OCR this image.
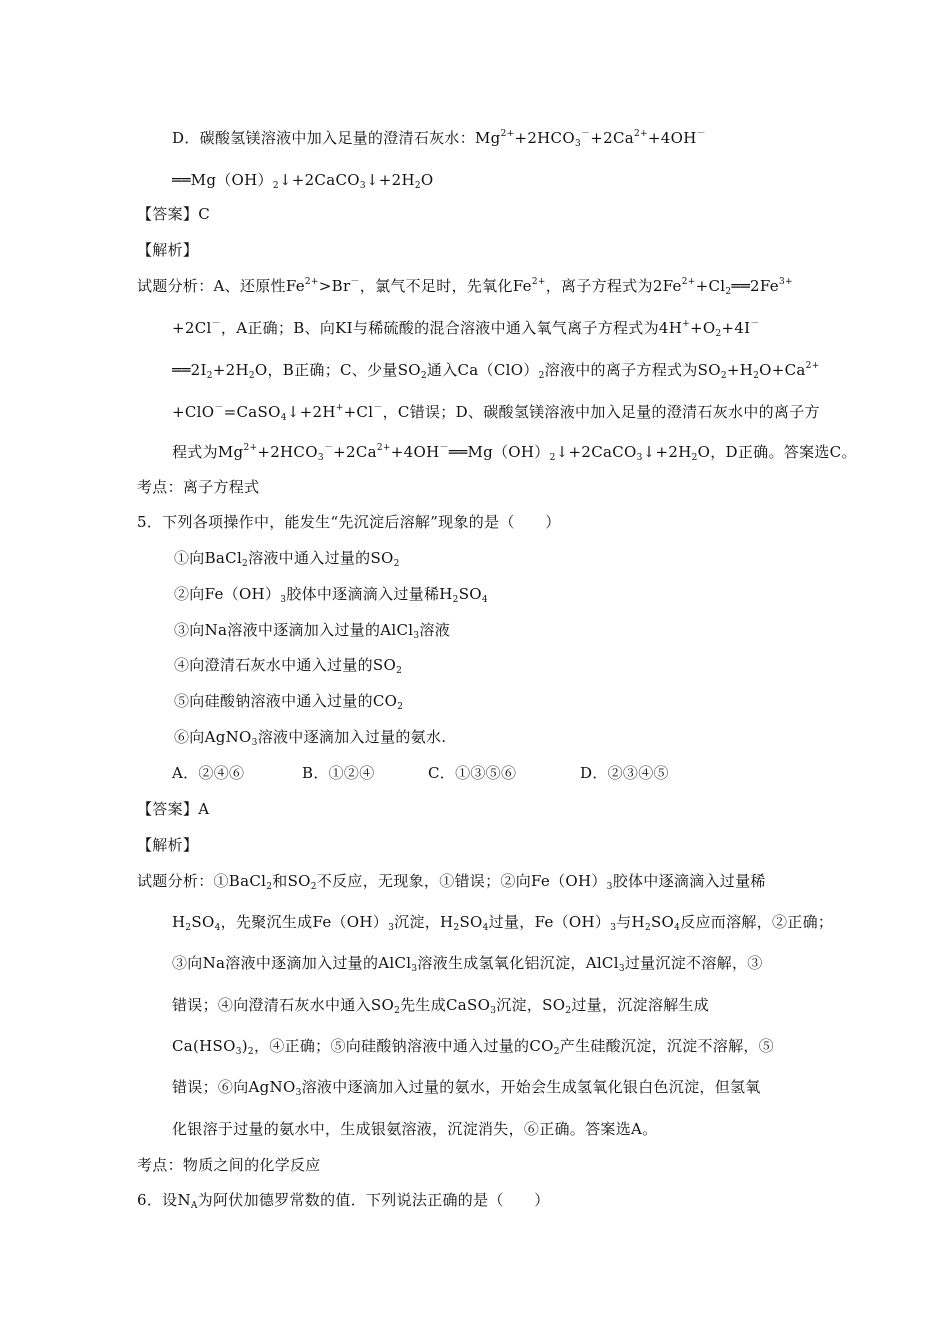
D．碳酸氢镁溶液中加入足量的澄清石灰水：$Mg^{2+}+2HCO_3^-+2Ca^{2+}+4OH^-$
$══Mg(OH)_2↓+2CaCO_3↓+2H_2O$
【答案】C
【解析】
试题分析：A、还原性$Fe^{2+}>Br^-$，氯气不足时，先氧化$Fe^{2+}$，离子方程式为$2Fe^{2+}+Cl_2══2Fe^{3+}$
+2Cl－，A正确；B、向KI与稀硫酸的混合溶液中通入氧气离子方程式为$4H^++O_2+4I^-$
$══2I_2+2H_2O$，B正确；C、少量$SO_2$通入$Ca(ClO)_2$溶液中的离子方程式为$SO_2+H_2O+Ca^{2+}$
+ClO－=CaSO$_4$↓+2H++Cl－，C错误；D、碳酸氢镁溶液中加入足量的澄清石灰水中的离子方
程式为$Mg^{2+}+2HCO_3^-+2Ca^{2+}+4OH^-══Mg(OH)_2↓+2CaCO_3↓+2H_2O$，D正确。答案选C。
考点：离子方程式
5．下列各项操作中，能发生“先沉淀后溶解”现象的是（　　）
①向BaCl$_2$溶液中通入过量的$SO_2$
②向$Fe(OH)_3$胶体中逐滴滴入过量稀$H_2SO_4$
③向Na溶液中逐滴加入过量的AlCl$_3$溶液
④向澄清石灰水中通入过量的$SO_2$
⑤向硅酸钠溶液中通入过量的$CO_2$
⑥向AgNO$_3$溶液中逐滴加入过量的氨水.
A．②④⑥	B．①②④	C．①③⑤⑥	D．②③④⑤
【答案】A
【解析】
试题分析：①BaCl$_2$和$SO_2$不反应，无现象，①错误；②向$Fe(OH)_3$胶体中逐滴滴入过量稀
$H_2SO_4$，先聚沉生成$Fe(OH)_3$沉淀，$H_2SO_4$过量，$Fe(OH)_3$与$H_2SO_4$反应而溶解，②正确；
③向Na溶液中逐滴加入过量的AlCl$_3$溶液生成氢氧化铝沉淀，AlCl$_3$过量沉淀不溶解，③
错误；④向澄清石灰水中通入$SO_2$先生成CaSO$_3$沉淀，$SO_2$过量，沉淀溶解生成
$Ca(HSO_3)_2$，④正确；⑤向硅酸钠溶液中通入过量的$CO_2$产生硅酸沉淀，沉淀不溶解，⑤
错误；⑥向AgNO$_3$溶液中逐滴加入过量的氨水，开始会生成氢氧化银白色沉淀，但氢氧
化银溶于过量的氨水中，生成银氨溶液，沉淀消失，⑥正确。答案选A。
考点：物质之间的化学反应
6．设$N_A$为阿伏加德罗常数的值．下列说法正确的是（　　）
